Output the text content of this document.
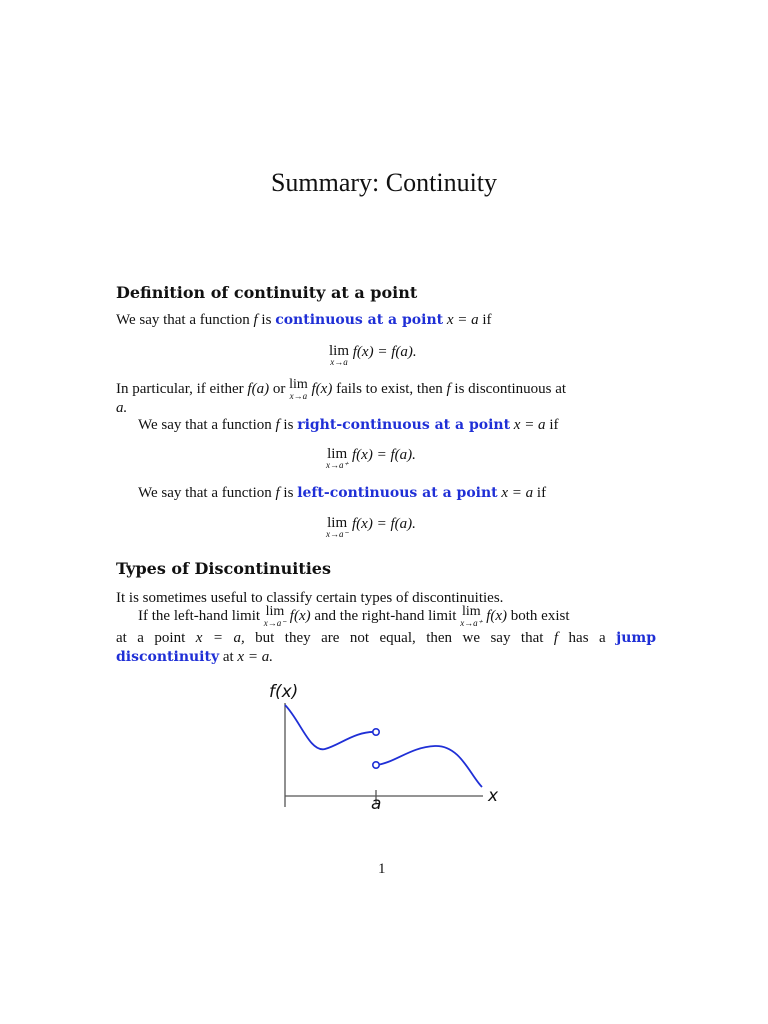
Summary: Continuity
Definition of continuity at a point
We say that a function f is continuous at a point x = a if
lim
x→a
f(x) = f(a).
In particular, if either f(a) or lim
x→a f(x) fails to exist, then f is discontinuous at
a.
We say that a function f is right-continuous at a point x = a if
lim
x→a⁺
f(x) = f(a).
We say that a function f is left-continuous at a point x = a if
lim
x→a⁻
f(x) = f(a).
Types of Discontinuities
It is sometimes useful to classify certain types of discontinuities.
If the left-hand limit lim
x→a⁻ f(x) and the right-hand limit lim
x→a⁺ f(x) both exist
at a point x = a, but they are not equal, then we say that f has a jump
discontinuity at x = a.
f(x)
a	x
1
